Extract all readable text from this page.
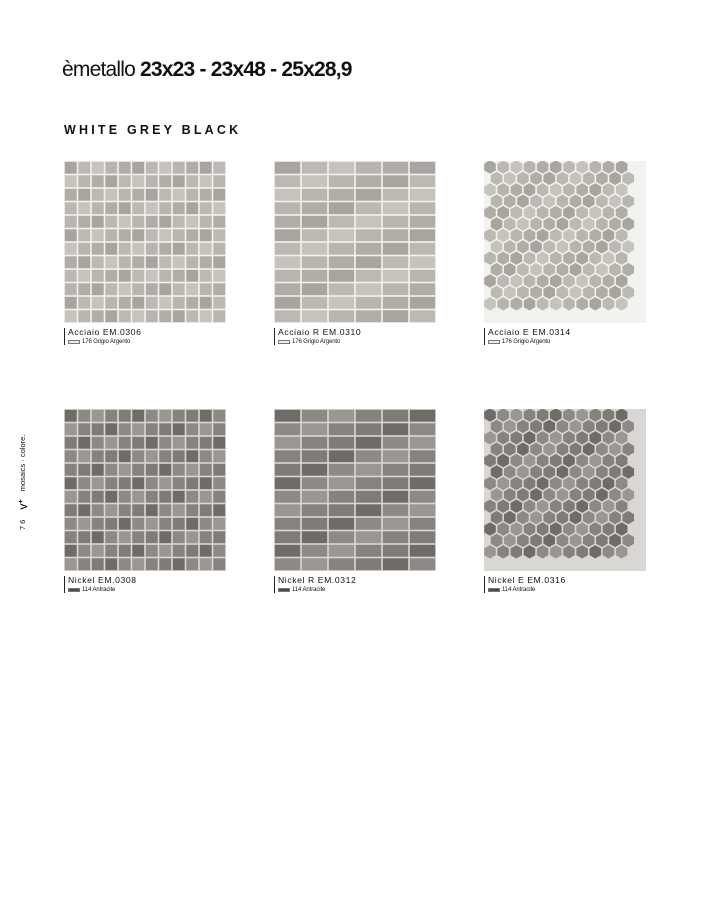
èmetallo 23x23 - 23x48 - 25x28,9
WHITE GREY BLACK
76
V+
mosaics · colore.
Acciaio EM.0306
176 Grigio Argento
Acciaio R EM.0310
176 Grigio Argento
Acciaio E EM.0314
176 Grigio Argento
Nickel EM.0308
114 Antracite
Nickel R EM.0312
114 Antracite
Nickel E EM.0316
114 Antracite
